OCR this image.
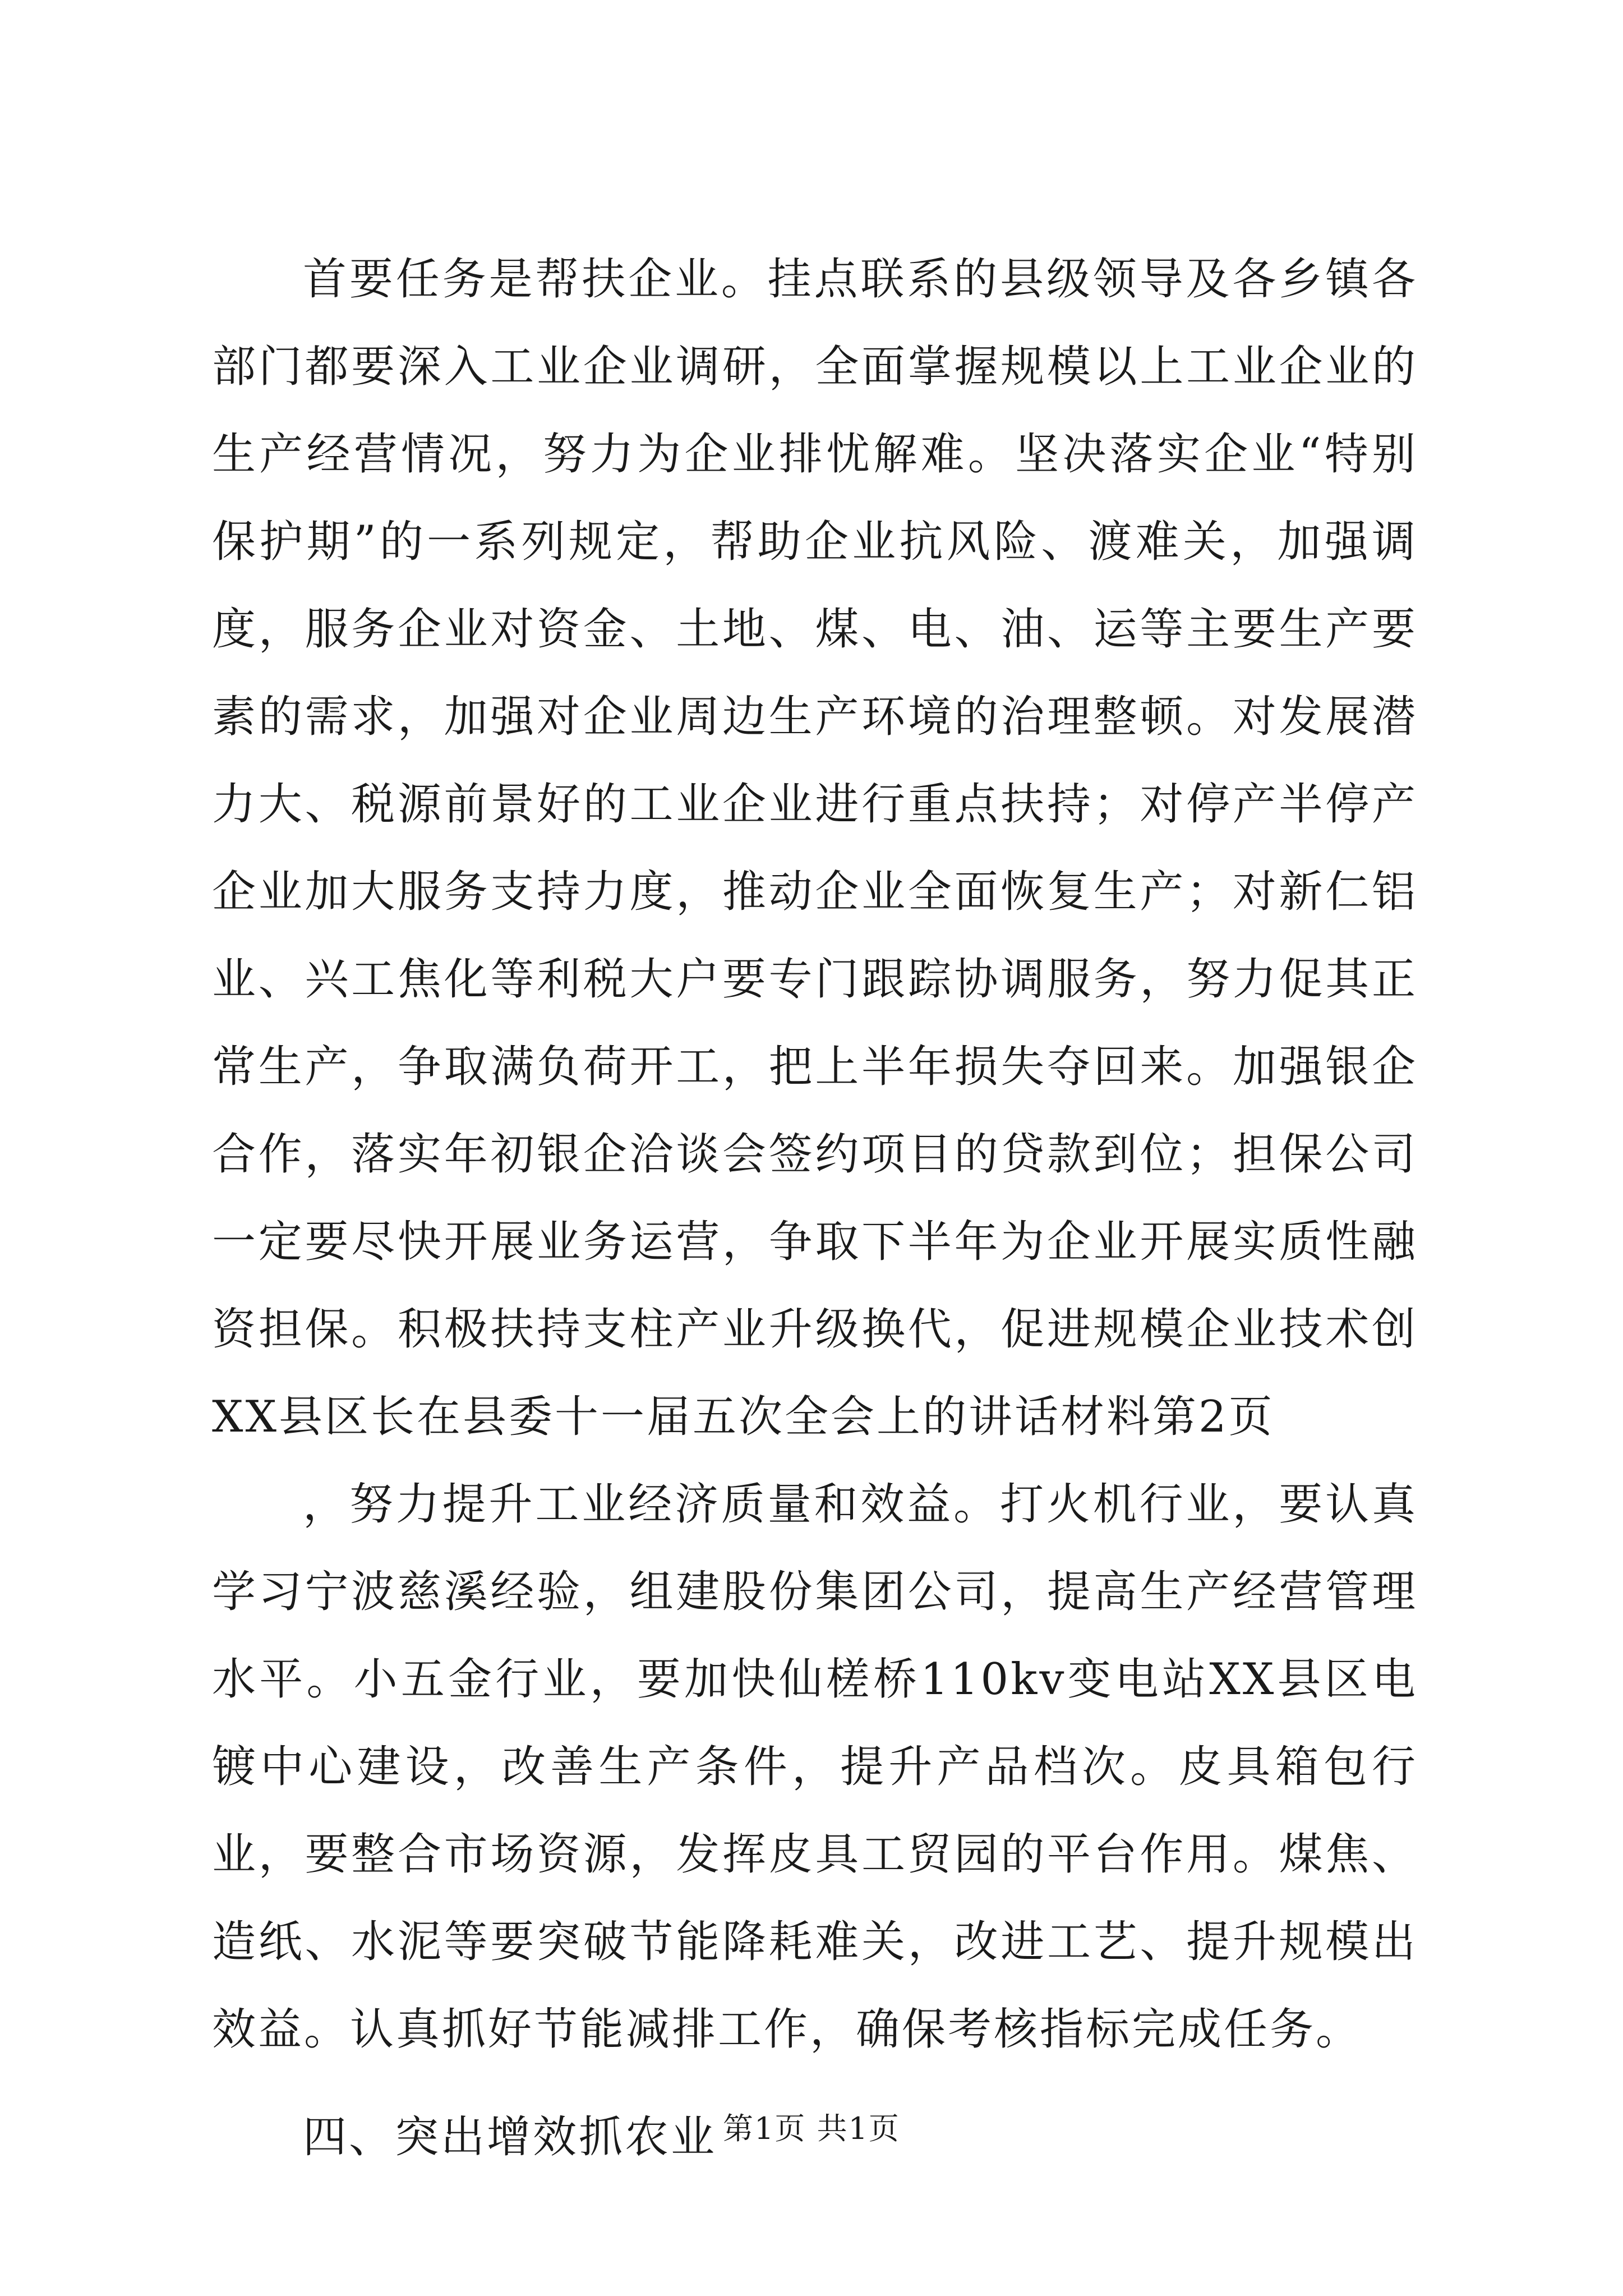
首要任务是帮扶企业。挂点联系的县级领导及各乡镇各部门都要深入工业企业调研，全面掌握规模以上工业企业的生产经营情况，努力为企业排忧解难。坚决落实企业“特别保护期”的一系列规定，帮助企业抗风险、渡难关，加强调度，服务企业对资金、土地、煤、电、油、运等主要生产要素的需求，加强对企业周边生产环境的治理整顿。对发展潜力大、税源前景好的工业企业进行重点扶持；对停产半停产企业加大服务支持力度，推动企业全面恢复生产；对新仁铝业、兴工焦化等利税大户要专门跟踪协调服务，努力促其正常生产，争取满负荷开工，把上半年损失夺回来。加强银企合作，落实年初银企洽谈会签约项目的贷款到位；担保公司一定要尽快开展业务运营，争取下半年为企业开展实质性融资担保。积极扶持支柱产业升级换代，促进规模企业技术创XX县区长在县委十一届五次全会上的讲话材料第2页

，努力提升工业经济质量和效益。打火机行业，要认真学习宁波慈溪经验，组建股份集团公司，提高生产经营管理水平。小五金行业，要加快仙槎桥110kv变电站XX县区电镀中心建设，改善生产条件，提升产品档次。皮具箱包行业，要整合市场资源，发挥皮具工贸园的平台作用。煤焦、造纸、水泥等要突破节能降耗难关，改进工艺、提升规模出效益。认真抓好节能减排工作，确保考核指标完成任务。

四、突出增效抓农业 第1页 共1页
